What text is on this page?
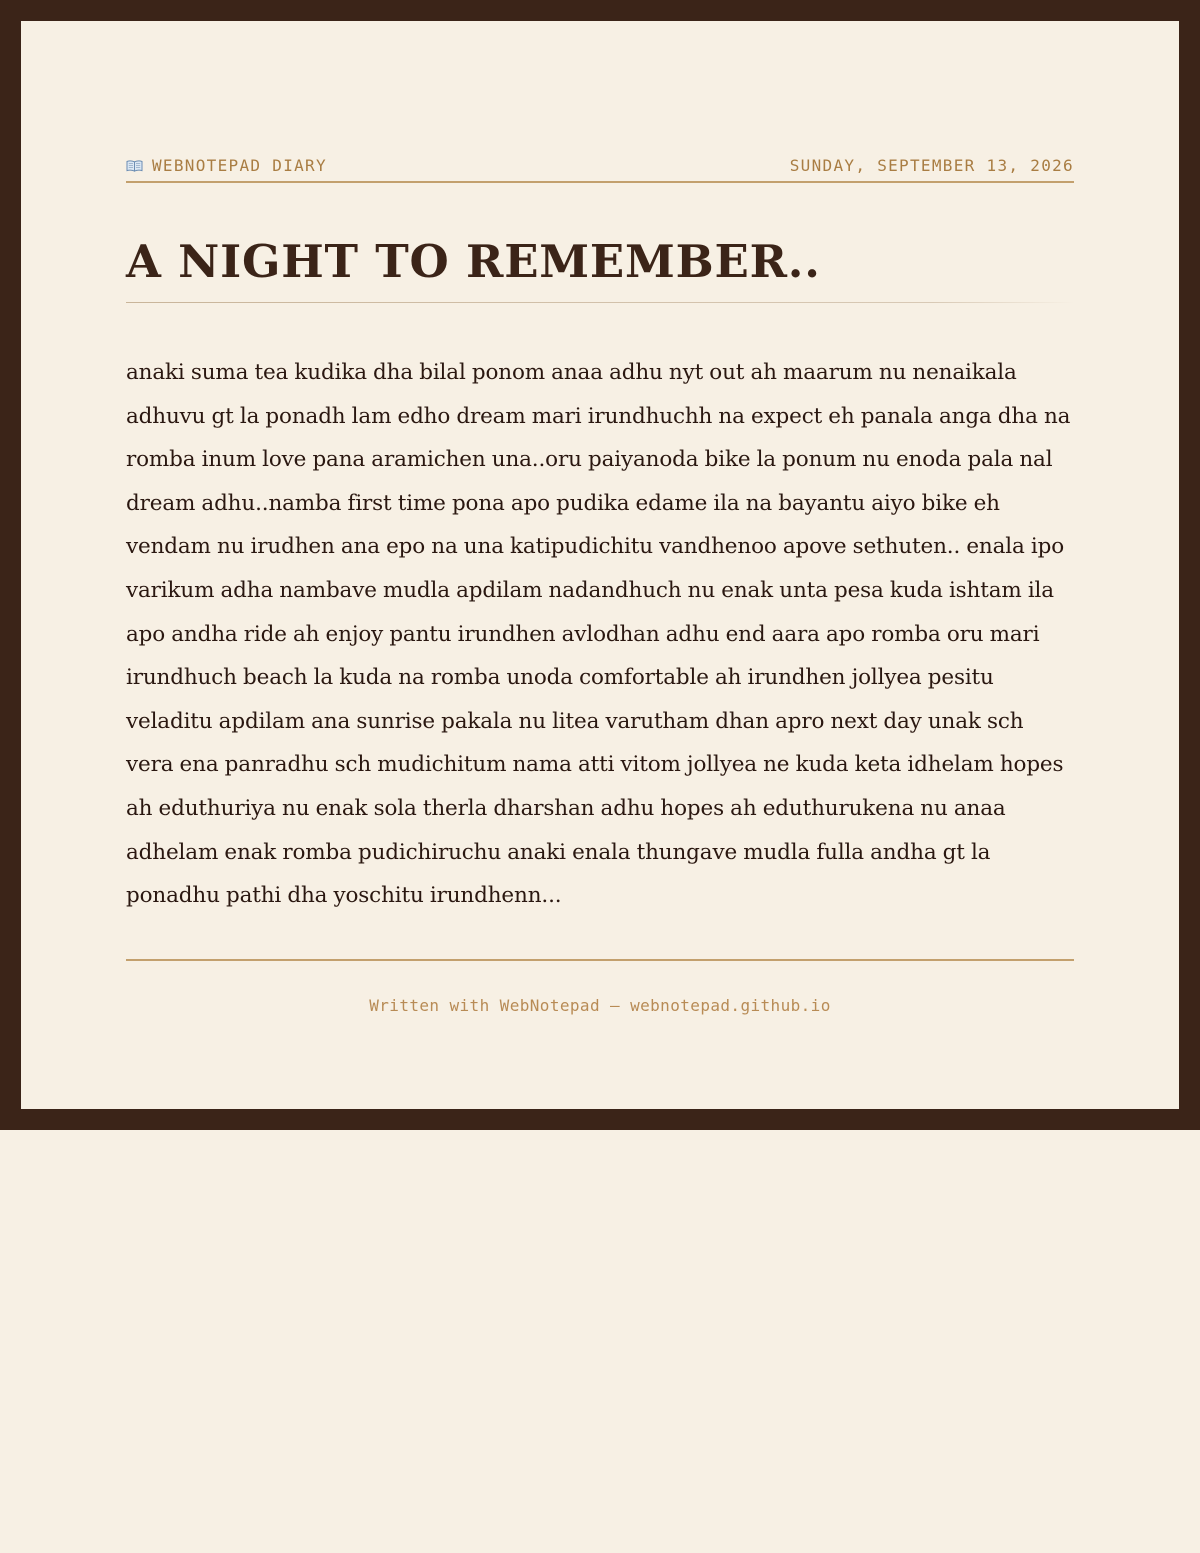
WEBNOTEPAD DIARY	SUNDAY, SEPTEMBER 13, 2026
A NIGHT TO REMEMBER..

anaki suma tea kudika dha bilal ponom anaa adhu nyt out ah maarum nu nenaikala adhuvu gt la ponadh lam edho dream mari irundhuchh na expect eh panala anga dha na romba inum love pana aramichen una..oru paiyanoda bike la ponum nu enoda pala nal dream adhu..namba first time pona apo pudika edame ila na bayantu aiyo bike eh vendam nu irudhen ana epo na una katipudichitu vandhenoo apove sethuten.. enala ipo varikum adha nambave mudla apdilam nadandhuch nu enak unta pesa kuda ishtam ila apo andha ride ah enjoy pantu irundhen avlodhan adhu end aara apo romba oru mari irundhuch beach la kuda na romba unoda comfortable ah irundhen jollyea pesitu veladitu apdilam ana sunrise pakala nu litea varutham dhan apro next day unak sch vera ena panradhu sch mudichitum nama atti vitom jollyea ne kuda keta idhelam hopes ah eduthuriya nu enak sola therla dharshan adhu hopes ah eduthurukena nu anaa adhelam enak romba pudichiruchu anaki enala thungave mudla fulla andha gt la ponadhu pathi dha yoschitu irundhenn...

Written with WebNotepad — webnotepad.github.io
